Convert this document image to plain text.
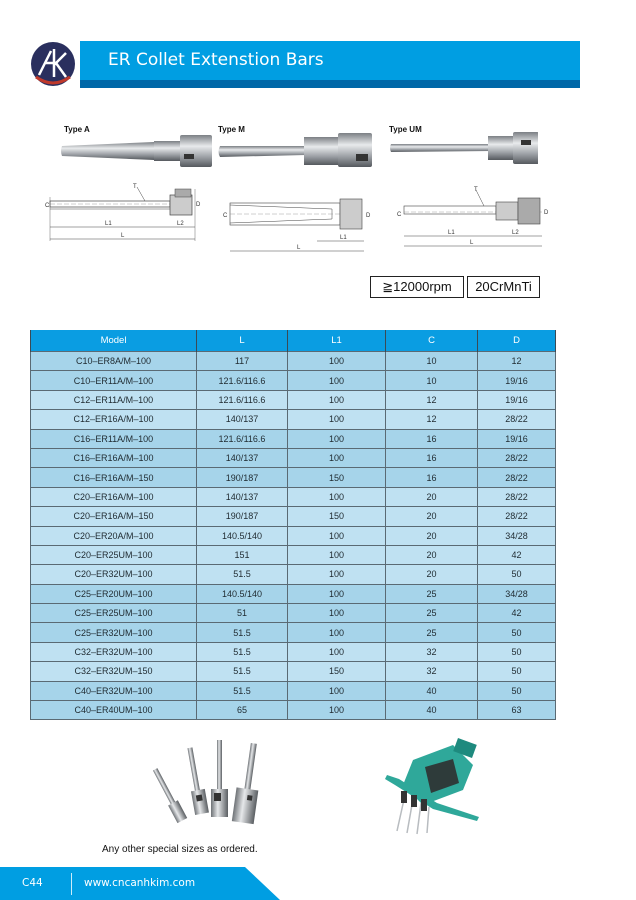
ER Collet Extenstion Bars
Type A
T
C	D
L1	L2
L
Type M
C	D
L1
L
Type UM
T
C	D
L1	L2
L
≧12000rpm	20CrMnTi
Model	L	L1	C	D
C10–ER8A/M–100	117	100	10	12
C10–ER11A/M–100	121.6/116.6	100	10	19/16
C12–ER11A/M–100	121.6/116.6	100	12	19/16
C12–ER16A/M–100	140/137	100	12	28/22
C16–ER11A/M–100	121.6/116.6	100	16	19/16
C16–ER16A/M–100	140/137	100	16	28/22
C16–ER16A/M–150	190/187	150	16	28/22
C20–ER16A/M–100	140/137	100	20	28/22
C20–ER16A/M–150	190/187	150	20	28/22
C20–ER20A/M–100	140.5/140	100	20	34/28
C20–ER25UM–100	151	100	20	42
C20–ER32UM–100	51.5	100	20	50
C25–ER20UM–100	140.5/140	100	25	34/28
C25–ER25UM–100	51	100	25	42
C25–ER32UM–100	51.5	100	25	50
C32–ER32UM–100	51.5	100	32	50
C32–ER32UM–150	51.5	150	32	50
C40–ER32UM–100	51.5	100	40	50
C40–ER40UM–100	65	100	40	63
Any other special sizes as ordered.
C44	www.cncanhkim.com
